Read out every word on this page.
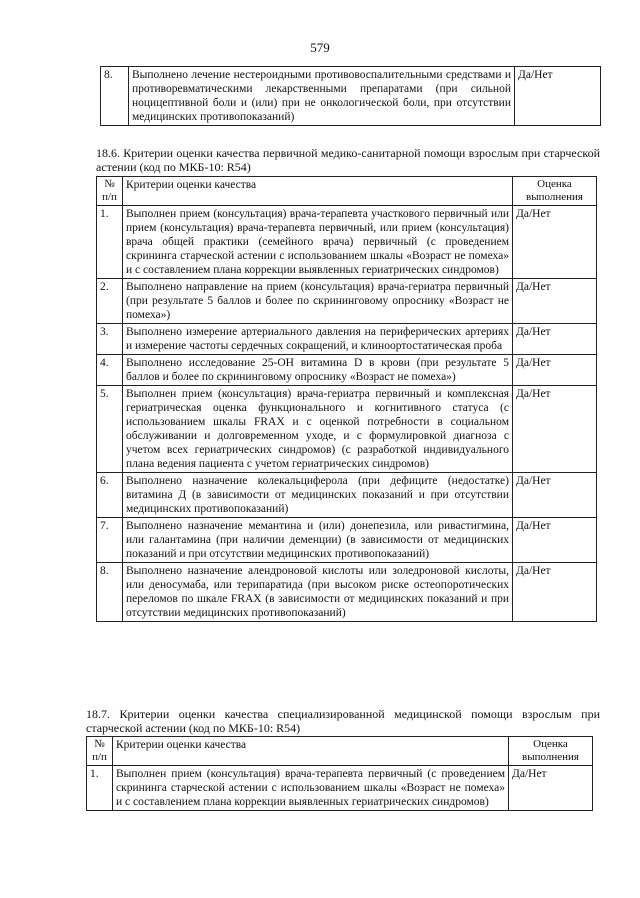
579
8.	Выполнено лечение нестероидными противовоспалительными средствами и противоревматическими лекарственными препаратами (при сильной ноцицептивной боли и (или) при не онкологической боли, при отсутствии медицинских противопоказаний)	Да/Нет
18.6. Критерии оценки качества первичной медико-санитарной помощи взрослым при старческой астении (код по МКБ-10: R54)
№ п/п	Критерии оценки качества	Оценка выполнения
1.	Выполнен прием (консультация) врача-терапевта участкового первичный или прием (консультация) врача-терапевта первичный, или прием (консультация) врача общей практики (семейного врача) первичный (с проведением скрининга старческой астении с использованием шкалы «Возраст не помеха» и с составлением плана коррекции выявленных гериатрических синдромов)	Да/Нет
2.	Выполнено направление на прием (консультация) врача-гериатра первичный (при результате 5 баллов и более по скрининговому опроснику «Возраст не помеха»)	Да/Нет
3.	Выполнено измерение артериального давления на периферических артериях и измерение частоты сердечных сокращений, и клиноортостатическая проба	Да/Нет
4.	Выполнено исследование 25-ОН витамина D в крови (при результате 5 баллов и более по скрининговому опроснику «Возраст не помеха»)	Да/Нет
5.	Выполнен прием (консультация) врача-гериатра первичный и комплексная гериатрическая оценка функционального и когнитивного статуса (с использованием шкалы FRAX и с оценкой потребности в социальном обслуживании и долговременном уходе, и с формулировкой диагноза с учетом всех гериатрических синдромов) (с разработкой индивидуального плана ведения пациента с учетом гериатрических синдромов)	Да/Нет
6.	Выполнено назначение колекальциферола (при дефиците (недостатке) витамина Д (в зависимости от медицинских показаний и при отсутствии медицинских противопоказаний)	Да/Нет
7.	Выполнено назначение мемантина и (или) донепезила, или ривастигмина, или галантамина (при наличии деменции) (в зависимости от медицинских показаний и при отсутствии медицинских противопоказаний)	Да/Нет
8.	Выполнено назначение алендроновой кислоты или золедроновой кислоты, или деносумаба, или терипаратида (при высоком риске остеопоротических переломов по шкале FRAX (в зависимости от медицинских показаний и при отсутствии медицинских противопоказаний)	Да/Нет
18.7. Критерии оценки качества специализированной медицинской помощи взрослым при старческой астении (код по МКБ-10: R54)
№ п/п	Критерии оценки качества	Оценка выполнения
1.	Выполнен прием (консультация) врача-терапевта первичный (с проведением скрининга старческой астении с использованием шкалы «Возраст не помеха» и с составлением плана коррекции выявленных гериатрических синдромов)	Да/Нет
